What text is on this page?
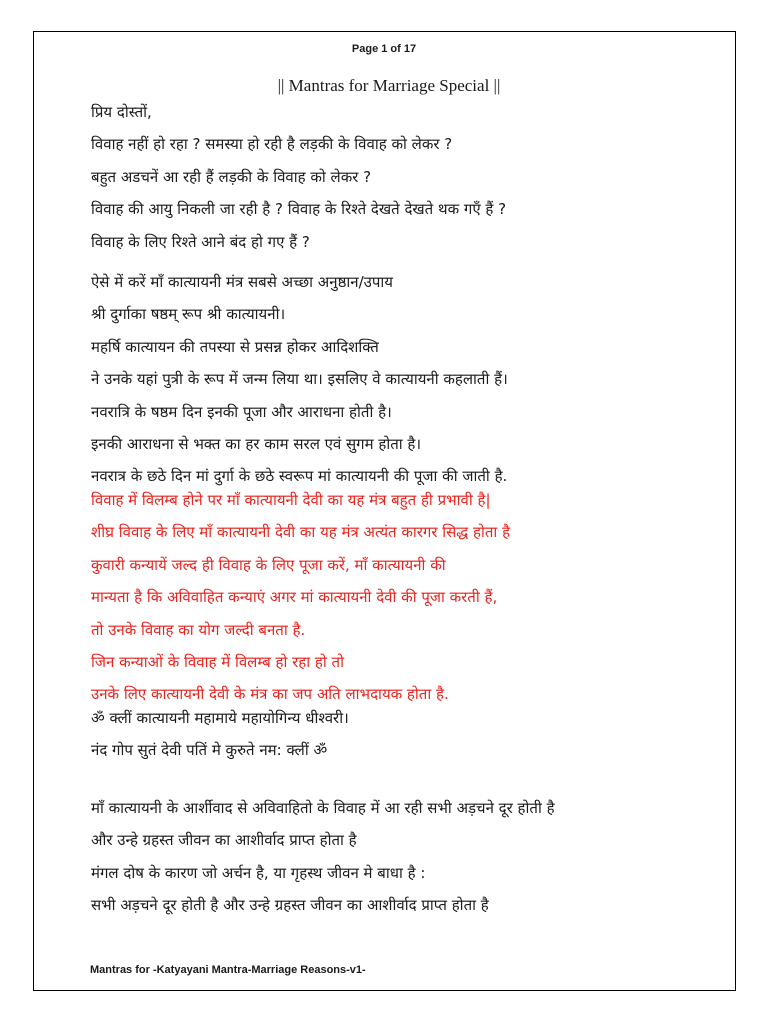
Page 1 of 17
|| Mantras for Marriage Special ||
प्रिय दोस्तों,
विवाह नहीं हो रहा ? समस्या हो रही है लड़की के विवाह को लेकर ?
बहुत अडचनें आ रही हैं लड़की के विवाह को लेकर ?
विवाह की आयु निकली जा रही है ? विवाह के रिश्ते देखते देखते थक गएँ हैं ?
विवाह के लिए रिश्ते आने बंद हो गए हैं ?
ऐसे में करें माँ कात्यायनी मंत्र सबसे अच्छा अनुष्ठान/उपाय
श्री दुर्गाका षष्ठम् रूप श्री कात्यायनी।
महर्षि कात्यायन की तपस्या से प्रसन्न होकर आदिशक्ति
ने उनके यहां पुत्री के रूप में जन्म लिया था। इसलिए वे कात्यायनी कहलाती हैं।
नवरात्रि के षष्ठम दिन इनकी पूजा और आराधना होती है।
इनकी आराधना से भक्त का हर काम सरल एवं सुगम होता है।
नवरात्र के छठे दिन मां दुर्गा के छठे स्वरूप मां कात्यायनी की पूजा की जाती है.
विवाह में विलम्ब होने पर माँ कात्यायनी देवी का यह मंत्र बहुत ही प्रभावी है|
शीघ्र विवाह के लिए माँ कात्यायनी देवी का यह मंत्र अत्यंत कारगर सिद्ध होता है
कुवारी कन्यायें जल्द ही विवाह के लिए पूजा करें, माँ कात्यायनी की
मान्यता है कि अविवाहित कन्याएं अगर मां कात्यायनी देवी की पूजा करती हैं,
तो उनके विवाह का योग जल्दी बनता है.
जिन कन्याओं के विवाह में विलम्ब हो रहा हो तो
उनके लिए कात्यायनी देवी के मंत्र का जप अति लाभदायक होता है.
ॐ क्लीं कात्यायनी महामाये महायोगिन्य धीश्वरी।
नंद गोप सुतं देवी पतिं मे कुरुते नम: क्लीं ॐ
माँ कात्यायनी के आर्शीवाद से अविवाहितो के विवाह में आ रही सभी अड़चने दूर होती है
और उन्हे ग्रहस्त जीवन का आशीर्वाद प्राप्त होता है
मंगल दोष के कारण जो अर्चन है, या गृहस्थ जीवन मे बाधा है :
सभी अड़चने दूर होती है और उन्हे ग्रहस्त जीवन का आशीर्वाद प्राप्त होता है
Mantras for -Katyayani Mantra-Marriage Reasons-v1-
